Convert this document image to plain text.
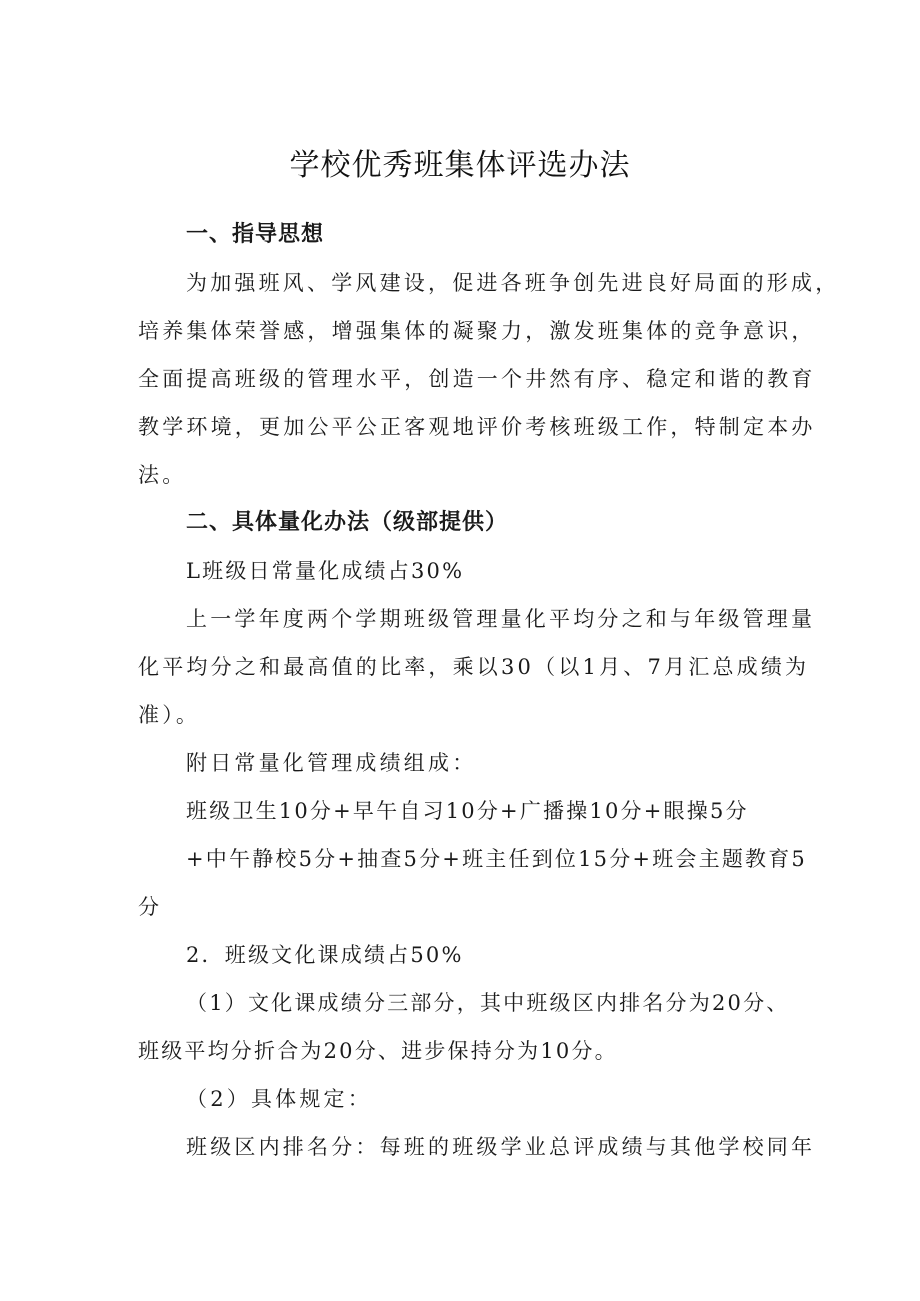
学校优秀班集体评选办法
一、指导思想
为加强班风、学风建设，促进各班争创先进良好局面的形成，
培养集体荣誉感，增强集体的凝聚力，激发班集体的竞争意识，
全面提高班级的管理水平，创造一个井然有序、稳定和谐的教育
教学环境，更加公平公正客观地评价考核班级工作，特制定本办
法。
二、具体量化办法（级部提供）
L班级日常量化成绩占30%
上一学年度两个学期班级管理量化平均分之和与年级管理量
化平均分之和最高值的比率，乘以30（以1月、7月汇总成绩为
准）。
附日常量化管理成绩组成：
班级卫生10分+早午自习10分+广播操10分+眼操5分
+中午静校5分+抽查5分+班主任到位15分+班会主题教育5
分
2．班级文化课成绩占50%
（1）文化课成绩分三部分，其中班级区内排名分为20分、
班级平均分折合为20分、进步保持分为10分。
（2）具体规定：
班级区内排名分：每班的班级学业总评成绩与其他学校同年
